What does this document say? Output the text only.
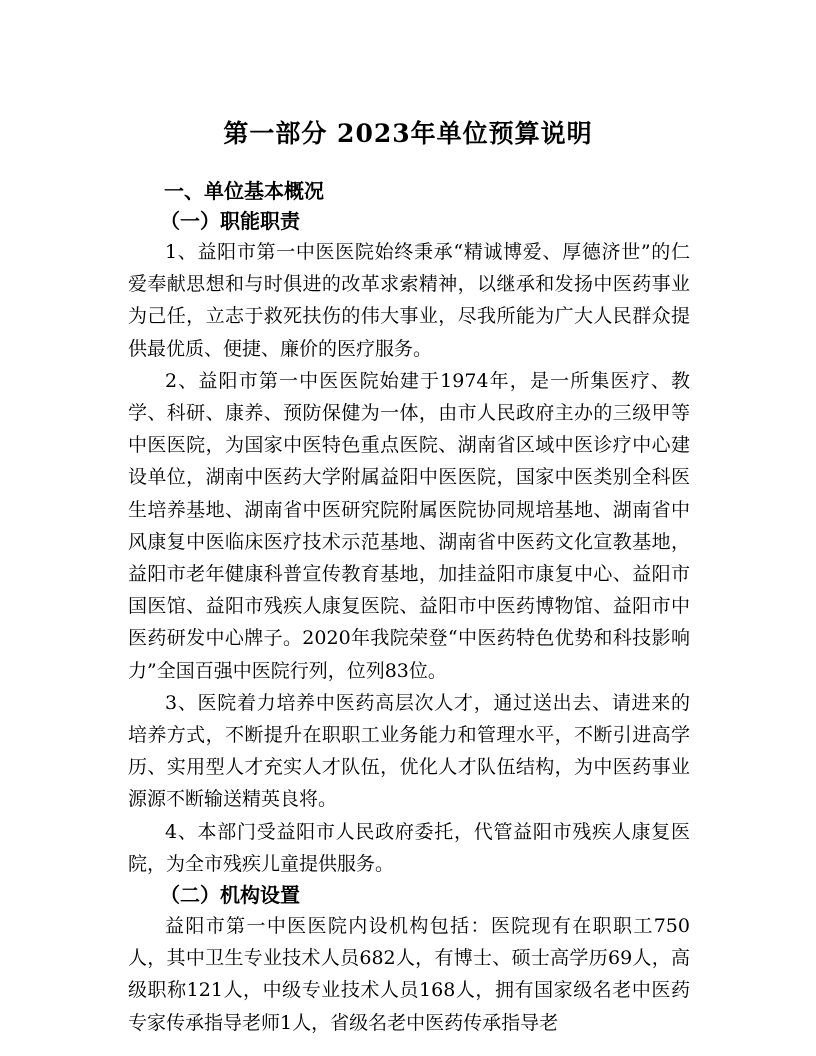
第一部分 2023年单位预算说明
一、单位基本概况
（一）职能职责

1、益阳市第一中医医院始终秉承“精诚博爱、厚德济世”的仁爱奉献思想和与时俱进的改革求索精神，以继承和发扬中医药事业为己任，立志于救死扶伤的伟大事业，尽我所能为广大人民群众提供最优质、便捷、廉价的医疗服务。

2、益阳市第一中医医院始建于1974年，是一所集医疗、教学、科研、康养、预防保健为一体，由市人民政府主办的三级甲等中医医院，为国家中医特色重点医院、湖南省区域中医诊疗中心建设单位，湖南中医药大学附属益阳中医医院，国家中医类别全科医生培养基地、湖南省中医研究院附属医院协同规培基地、湖南省中风康复中医临床医疗技术示范基地、湖南省中医药文化宣教基地，益阳市老年健康科普宣传教育基地，加挂益阳市康复中心、益阳市国医馆、益阳市残疾人康复医院、益阳市中医药博物馆、益阳市中医药研发中心牌子。2020年我院荣登“中医药特色优势和科技影响力”全国百强中医院行列，位列83位。

3、医院着力培养中医药高层次人才，通过送出去、请进来的培养方式，不断提升在职职工业务能力和管理水平，不断引进高学历、实用型人才充实人才队伍，优化人才队伍结构，为中医药事业源源不断输送精英良将。

4、本部门受益阳市人民政府委托，代管益阳市残疾人康复医院，为全市残疾儿童提供服务。

（二）机构设置

益阳市第一中医医院内设机构包括：医院现有在职职工750人，其中卫生专业技术人员682人，有博士、硕士高学历69人，高级职称121人，中级专业技术人员168人，拥有国家级名老中医药专家传承指导老师1人，省级名老中医药传承指导老
